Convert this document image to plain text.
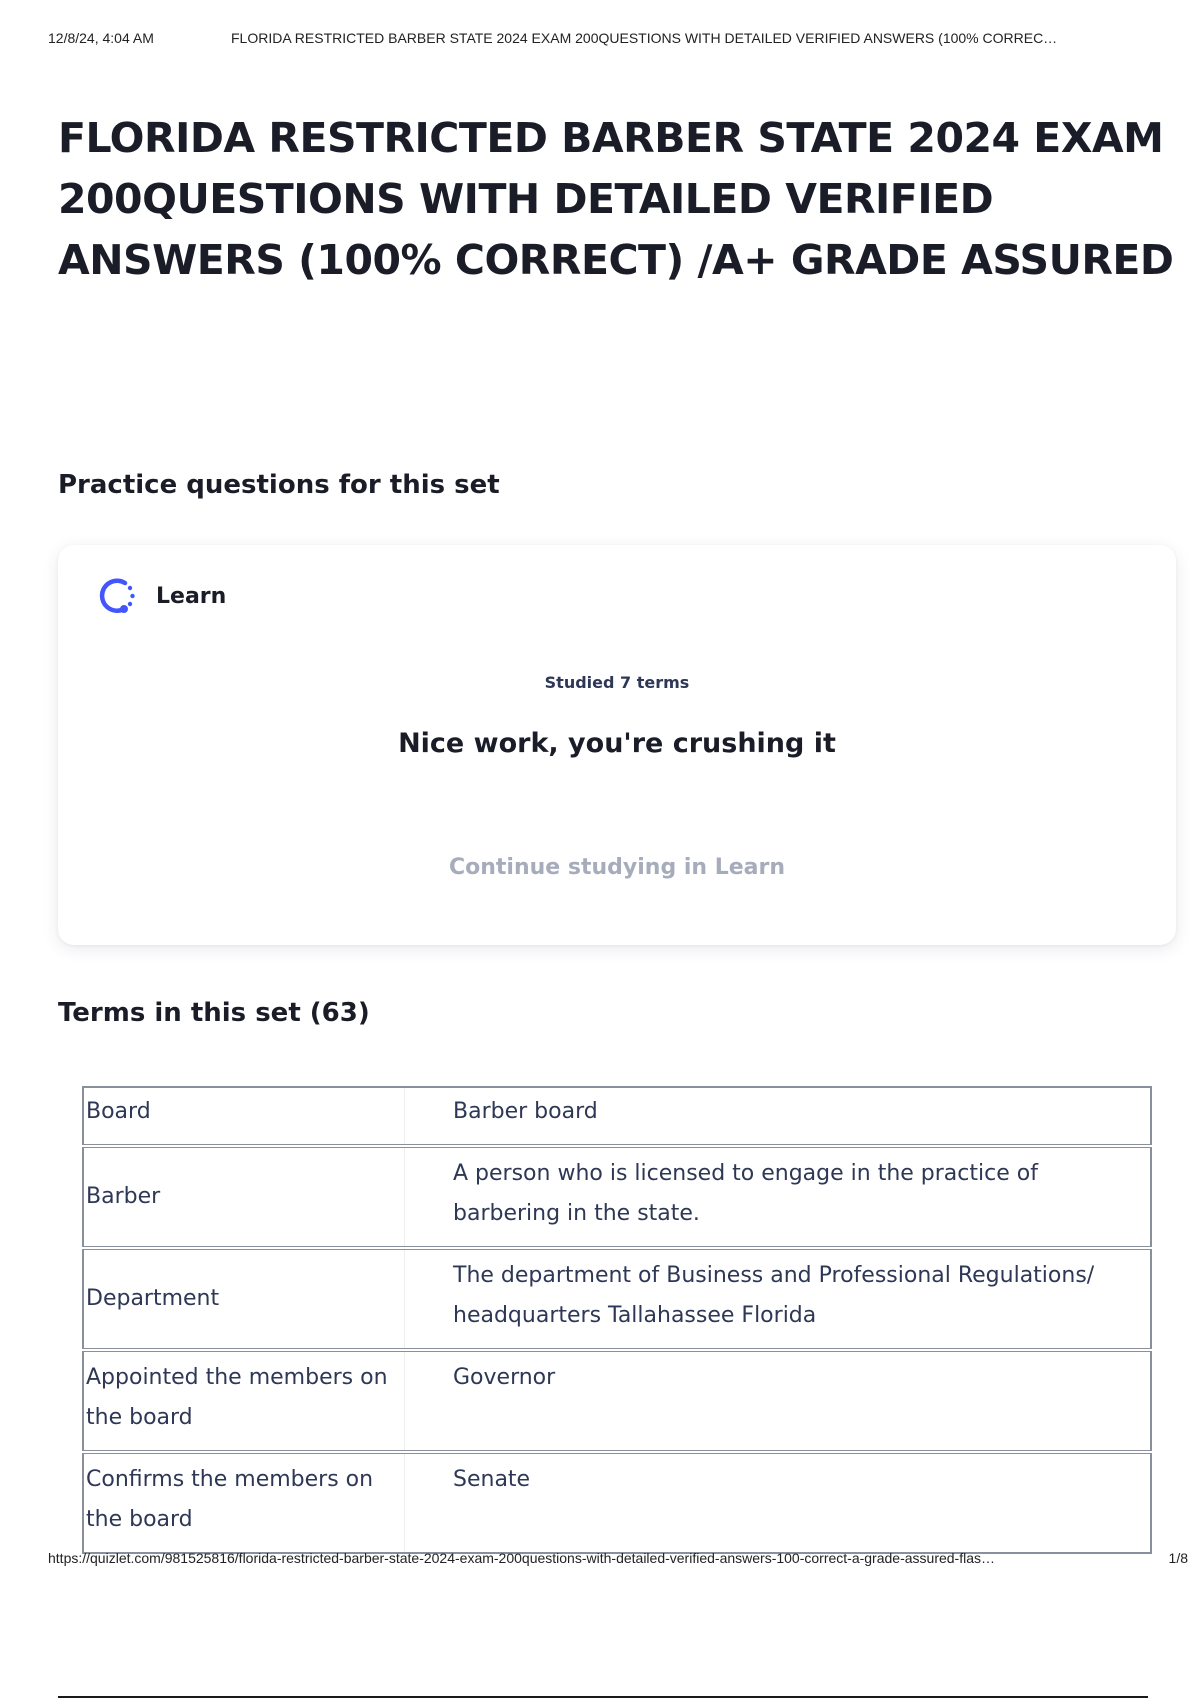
12/8/24, 4:04 AM	FLORIDA RESTRICTED BARBER STATE 2024 EXAM 200QUESTIONS WITH DETAILED VERIFIED ANSWERS (100% CORREC…
FLORIDA RESTRICTED BARBER STATE 2024 EXAM 200QUESTIONS WITH DETAILED VERIFIED ANSWERS (100% CORRECT) /A+ GRADE ASSURED
Practice questions for this set
Learn
Studied 7 terms
Nice work, you're crushing it
Continue studying in Learn
Terms in this set (63)
Board	Barber board
Barber	A person who is licensed to engage in the practice of barbering in the state.
Department	The department of Business and Professional Regulations/ headquarters Tallahassee Florida
Appointed the members on the board	Governor
Confirms the members on the board	Senate
https://quizlet.com/981525816/florida-restricted-barber-state-2024-exam-200questions-with-detailed-verified-answers-100-correct-a-grade-assured-flas…	1/8
